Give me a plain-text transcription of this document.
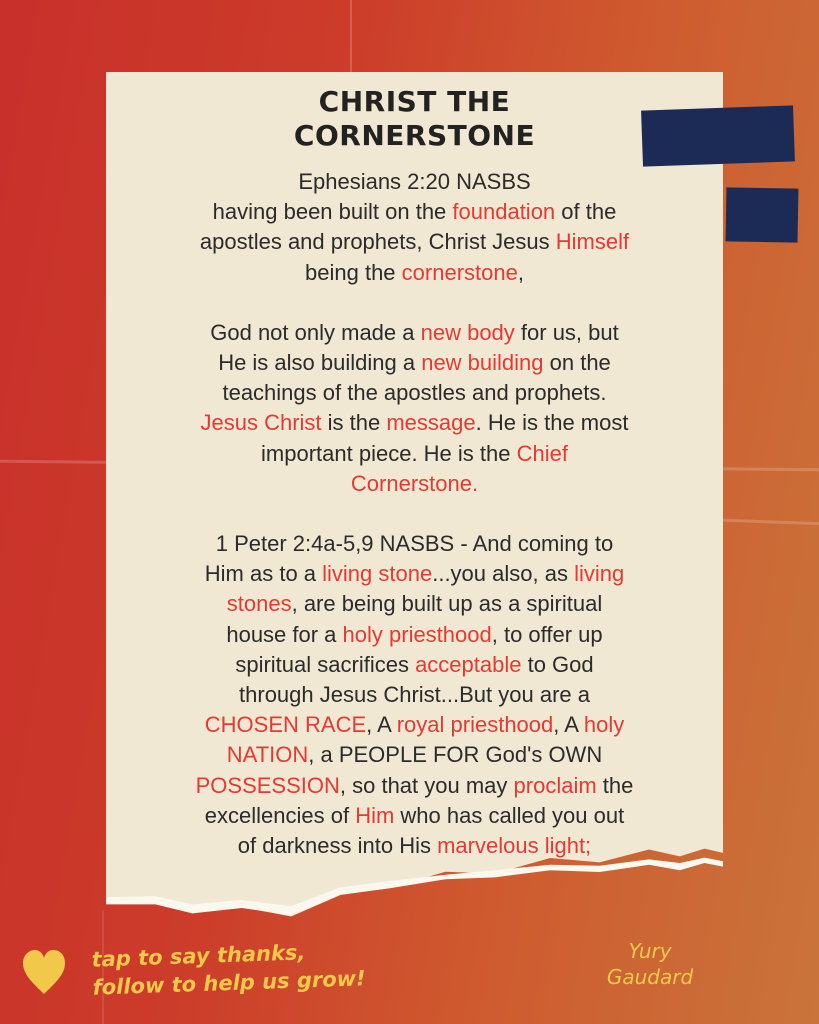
CHRIST THE
CORNERSTONE
Ephesians 2:20 NASBS
having been built on the foundation of the
apostles and prophets, Christ Jesus Himself
being the cornerstone,
God not only made a new body for us, but
He is also building a new building on the
teachings of the apostles and prophets.
Jesus Christ is the message. He is the most
important piece. He is the Chief
Cornerstone.
1 Peter 2:4a-5,9 NASBS - And coming to
Him as to a living stone...you also, as living
stones, are being built up as a spiritual
house for a holy priesthood, to offer up
spiritual sacrifices acceptable to God
through Jesus Christ...But you are a
CHOSEN RACE, A royal priesthood, A holy
NATION, a PEOPLE FOR God's OWN
POSSESSION, so that you may proclaim the
excellencies of Him who has called you out
of darkness into His marvelous light;
tap to say thanks,
follow to help us grow!
Yury
Gaudard
